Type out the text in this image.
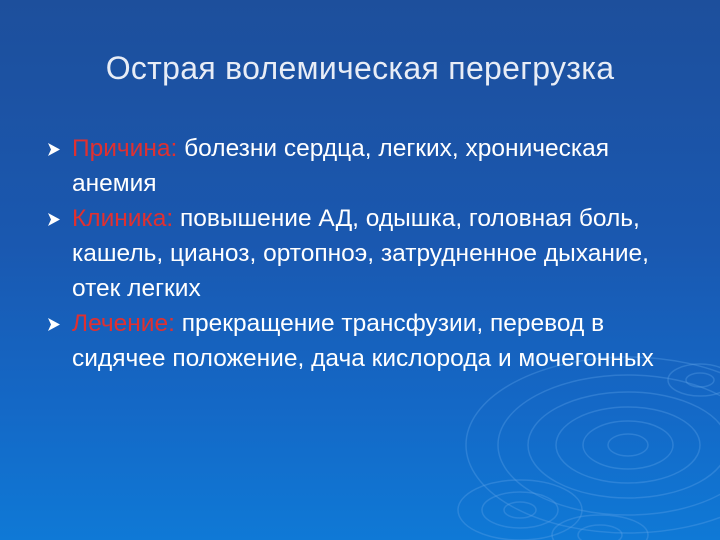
Острая волемическая перегрузка
Причина: болезни сердца, легких, хроническая анемия
Клиника: повышение АД, одышка, головная боль, кашель, цианоз, ортопноэ, затрудненное дыхание, отек легких
Лечение: прекращение трансфузии, перевод в сидячее положение, дача кислорода и мочегонных
